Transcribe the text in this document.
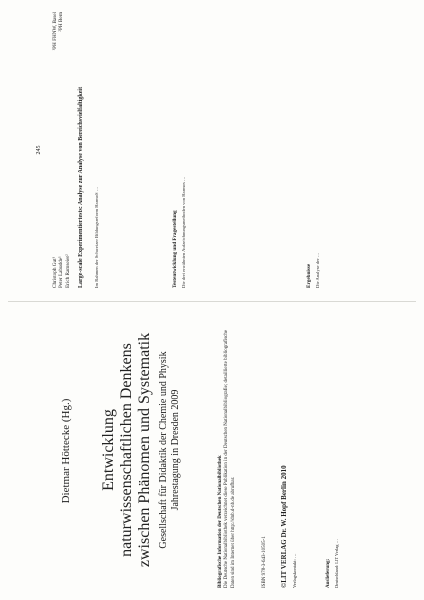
Dietmar Höttecke (Hg.) Entwicklung naturwissenschaftlichen Denkens zwischen Phänomen und Systematik Gesellschaft für Didaktik der Chemie und Physik Jahrestagung in Dresden 2009
Bibliografische Information der Deutschen Nationalbibliothek Die Deutsche Nationalbibliothek verzeichnet diese Publikation in der Deutschen Nationalbibliografie; detaillierte bibliografische Daten sind im Internet über http://dnb.d-nb.de abrufbar.	ISBN 978-3-643-10505-1 ©LIT VERLAG Dr. W. Hopf Berlin 2010 Verlagskontakt: …	Auslieferung: Deutschland: LIT Verlag …
245
Christoph Gut¹ Peter Labudde¹ Erich Ramseier²
¹PH FHNW, Basel ²PH Bern
Large-scale Experimentiertests: Analyse zur Analyse von Bereichsvielfaltigkeit Im Rahmen der Schweizer Bildungsreform HarmoS …	Testentwicklung und Fragestellung Die drei erwähnten Aufzeichnungsmethoden von Harmos …	Ergebnisse Die Analyse der …
